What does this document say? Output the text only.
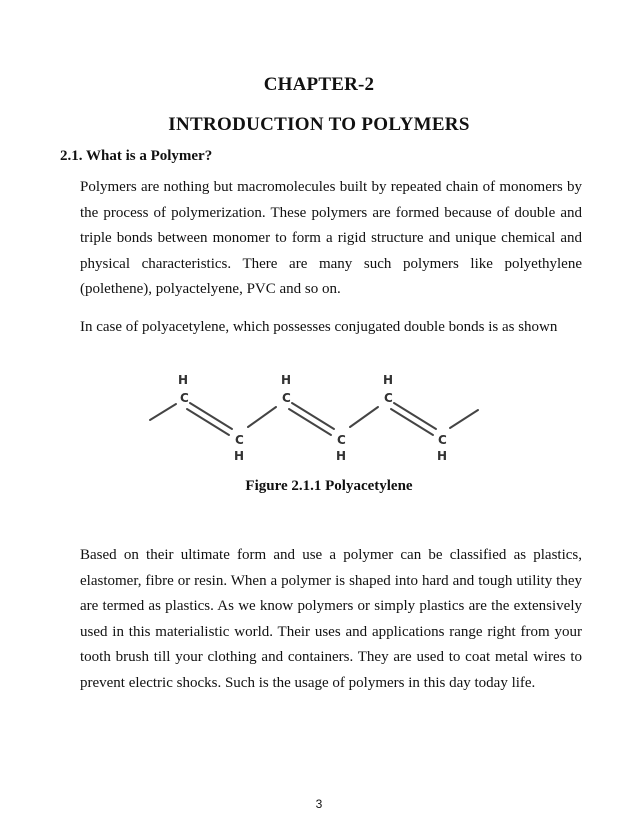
CHAPTER-2
INTRODUCTION TO POLYMERS
2.1. What is a Polymer?

Polymers are nothing but macromolecules built by repeated chain of monomers by the process of polymerization. These polymers are formed because of double and triple bonds between monomer to form a rigid structure and unique chemical and physical characteristics. There are many such polymers like polyethylene (polethene), polyactelyene, PVC and so on.

In case of polyacetylene, which possesses conjugated double bonds is as shown

H
C
H
C
H
C
C
H
C
H
C
H
Figure 2.1.1 Polyacetylene

Based on their ultimate form and use a polymer can be classified as plastics, elastomer, fibre or resin. When a polymer is shaped into hard and tough utility they are termed as plastics. As we know polymers or simply plastics are the extensively used in this materialistic world. Their uses and applications range right from your tooth brush till your clothing and containers. They are used to coat metal wires to prevent electric shocks. Such is the usage of polymers in this day today life.

3
